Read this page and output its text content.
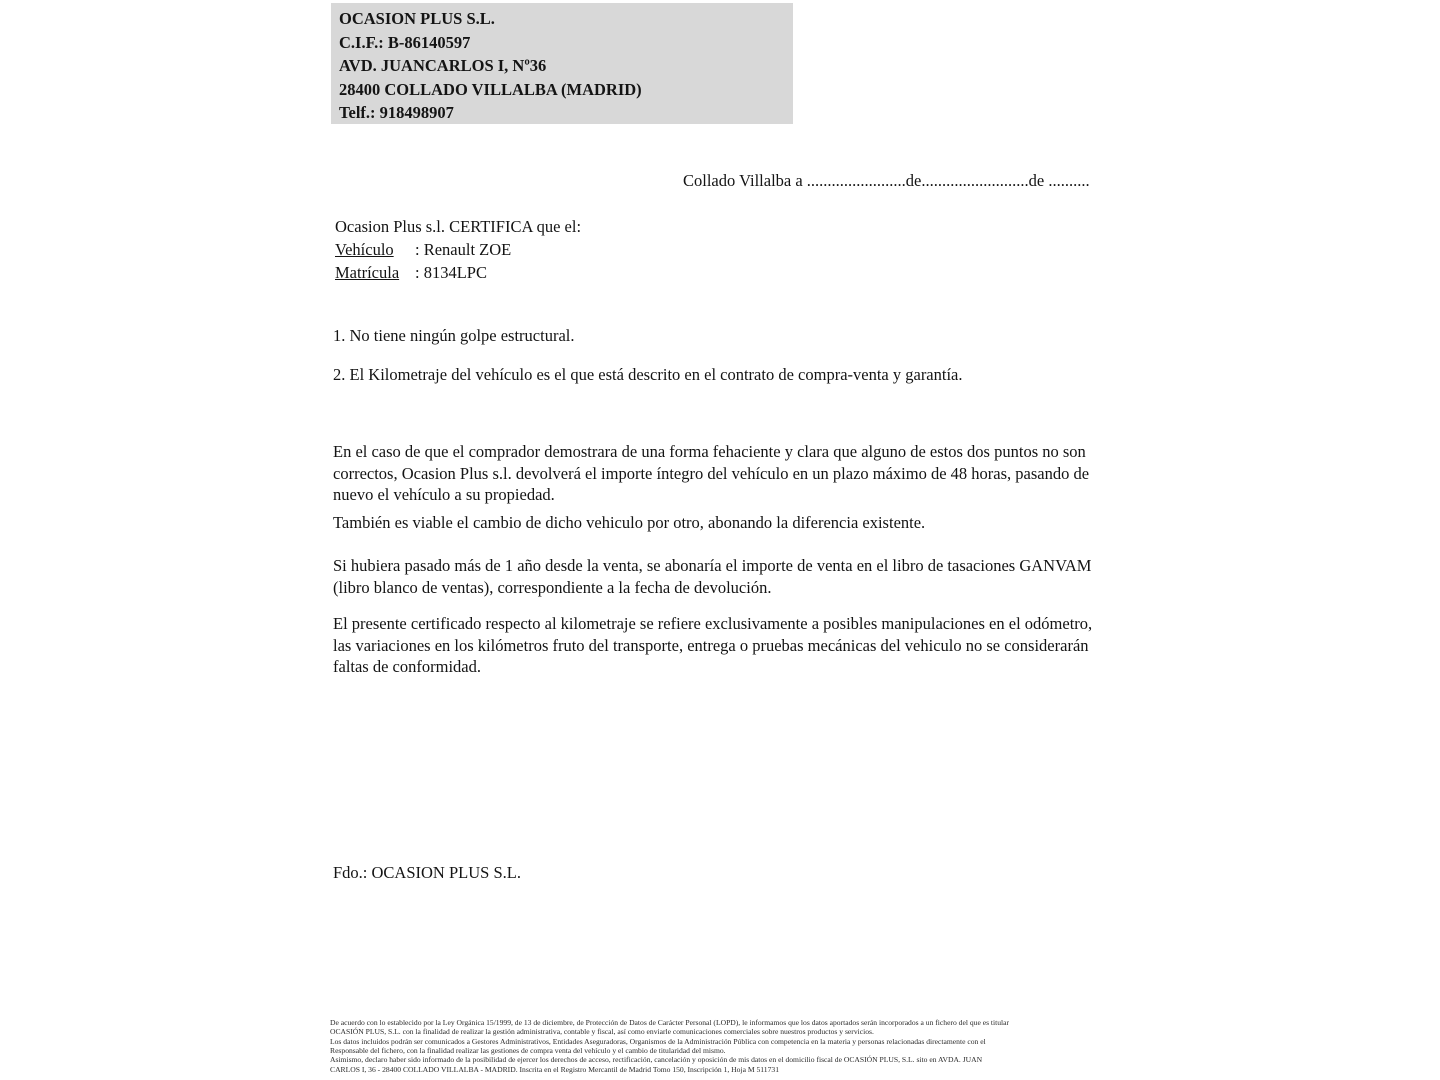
OCASION PLUS S.L.
C.I.F.: B-86140597
AVD. JUANCARLOS I, Nº36
28400 COLLADO VILLALBA (MADRID)
Telf.: 918498907
Collado Villalba a ........................de..........................de ..........
Ocasion Plus s.l. CERTIFICA que el:
Vehículo : Renault ZOE
Matrícula : 8134LPC
1. No tiene ningún golpe estructural.
2. El Kilometraje del vehículo es el que está descrito en el contrato de compra-venta y garantía.
En el caso de que el comprador demostrara de una forma fehaciente y clara que alguno de estos dos puntos no son correctos, Ocasion Plus s.l. devolverá el importe íntegro del vehículo en un plazo máximo de 48 horas, pasando de nuevo el vehículo a su propiedad.
También es viable el cambio de dicho vehiculo por otro, abonando la diferencia existente.
Si hubiera pasado más de 1 año desde la venta, se abonaría el importe de venta en el libro de tasaciones GANVAM (libro blanco de ventas), correspondiente a la fecha de devolución.
El presente certificado respecto al kilometraje se refiere exclusivamente a posibles manipulaciones en el odómetro, las variaciones en los kilómetros fruto del transporte, entrega o pruebas mecánicas del vehiculo no se considerarán faltas de conformidad.
Fdo.: OCASION PLUS S.L.
De acuerdo con lo establecido por la Ley Orgánica 15/1999, de 13 de diciembre, de Protección de Datos de Carácter Personal (LOPD), le informamos que los datos aportados serán incorporados a un fichero del que es titular
OCASIÓN PLUS, S.L. con la finalidad de realizar la gestión administrativa, contable y fiscal, así como enviarle comunicaciones comerciales sobre nuestros productos y servicios.
Los datos incluidos podrán ser comunicados a Gestores Administrativos, Entidades Aseguradoras, Organismos de la Administración Pública con competencia en la materia y personas relacionadas directamente con el
Responsable del fichero, con la finalidad realizar las gestiones de compra venta del vehículo y el cambio de titularidad del mismo.
Asimismo, declaro haber sido informado de la posibilidad de ejercer los derechos de acceso, rectificación, cancelación y oposición de mis datos en el domicilio fiscal de OCASIÓN PLUS, S.L. sito en AVDA. JUAN
CARLOS I, 36 - 28400 COLLADO VILLALBA - MADRID. Inscrita en el Registro Mercantil de Madrid Tomo 150, Inscripción 1, Hoja M 511731
